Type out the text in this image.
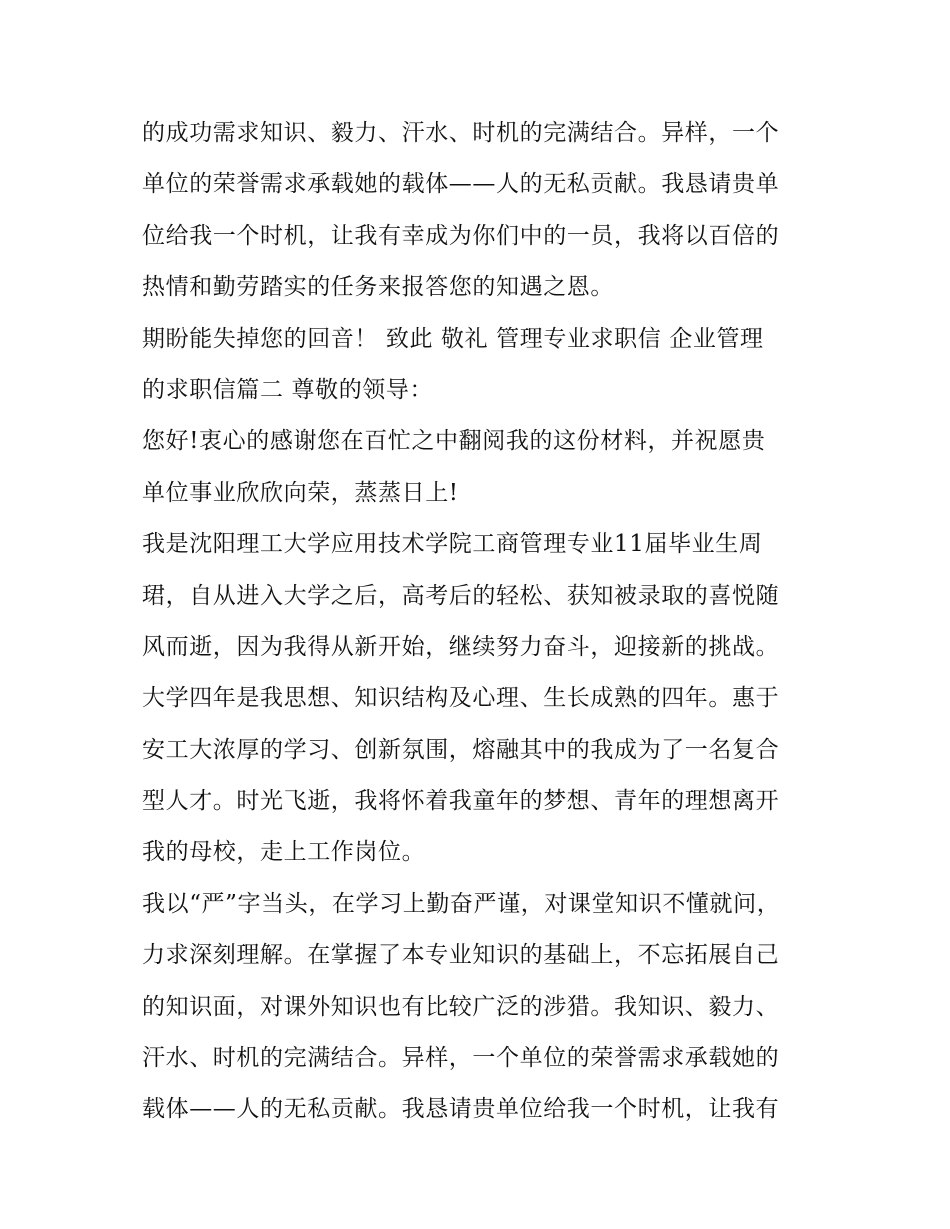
的成功需求知识、毅力、汗水、时机的完满结合。异样，一个
单位的荣誉需求承载她的载体——人的无私贡献。我恳请贵单
位给我一个时机，让我有幸成为你们中的一员，我将以百倍的
热情和勤劳踏实的任务来报答您的知遇之恩。
期盼能失掉您的回音！ 致此 敬礼 管理专业求职信 企业管理
的求职信篇二 尊敬的领导：
您好!衷心的感谢您在百忙之中翻阅我的这份材料，并祝愿贵
单位事业欣欣向荣，蒸蒸日上!
我是沈阳理工大学应用技术学院工商管理专业11届毕业生周
珺，自从进入大学之后，高考后的轻松、获知被录取的喜悦随
风而逝，因为我得从新开始，继续努力奋斗，迎接新的挑战。
大学四年是我思想、知识结构及心理、生长成熟的四年。惠于
安工大浓厚的学习、创新氛围，熔融其中的我成为了一名复合
型人才。时光飞逝，我将怀着我童年的梦想、青年的理想离开
我的母校，走上工作岗位。
我以“严”字当头，在学习上勤奋严谨，对课堂知识不懂就问，
力求深刻理解。在掌握了本专业知识的基础上，不忘拓展自己
的知识面，对课外知识也有比较广泛的涉猎。我知识、毅力、
汗水、时机的完满结合。异样，一个单位的荣誉需求承载她的
载体——人的无私贡献。我恳请贵单位给我一个时机，让我有
